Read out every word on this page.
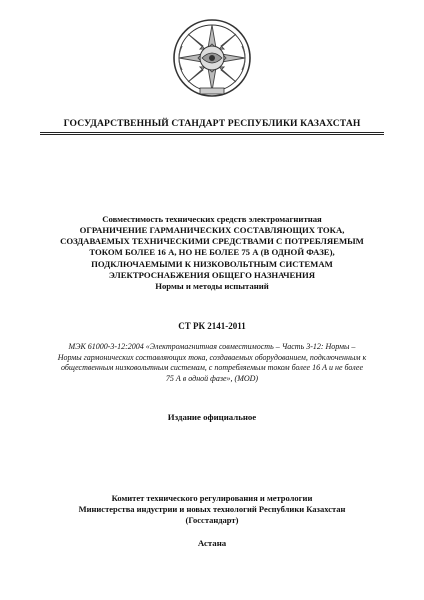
ГОСУДАРСТВЕННЫЙ СТАНДАРТ РЕСПУБЛИКИ КАЗАХСТАН
Совместимость технических средств электромагнитная
ОГРАНИЧЕНИЕ ГАРМАНИЧЕСКИХ СОСТАВЛЯЮЩИХ ТОКА,
СОЗДАВАЕМЫХ ТЕХНИЧЕСКИМИ СРЕДСТВАМИ С ПОТРЕБЛЯЕМЫМ
ТОКОМ БОЛЕЕ 16 А, НО НЕ БОЛЕЕ 75 А (В ОДНОЙ ФАЗЕ),
ПОДКЛЮЧАЕМЫМИ К НИЗКОВОЛЬТНЫМ СИСТЕМАМ
ЭЛЕКТРОСНАБЖЕНИЯ ОБЩЕГО НАЗНАЧЕНИЯ
Нормы и методы испытаний
СТ РК 2141-2011
МЭК 61000-3-12:2004 «Электромагнитная совместимость – Часть 3-12: Нормы –
Нормы гармонических составляющих тока, создаваемых оборудованием, подключенным к
общественным низковольтным системам, с потребляемым током более 16 А и не более
75 А в одной фазе», (MOD)
Издание официальное
Комитет технического регулирования и метрологии
Министерства индустрии и новых технологий Республики Казахстан
(Госстандарт)
Астана
